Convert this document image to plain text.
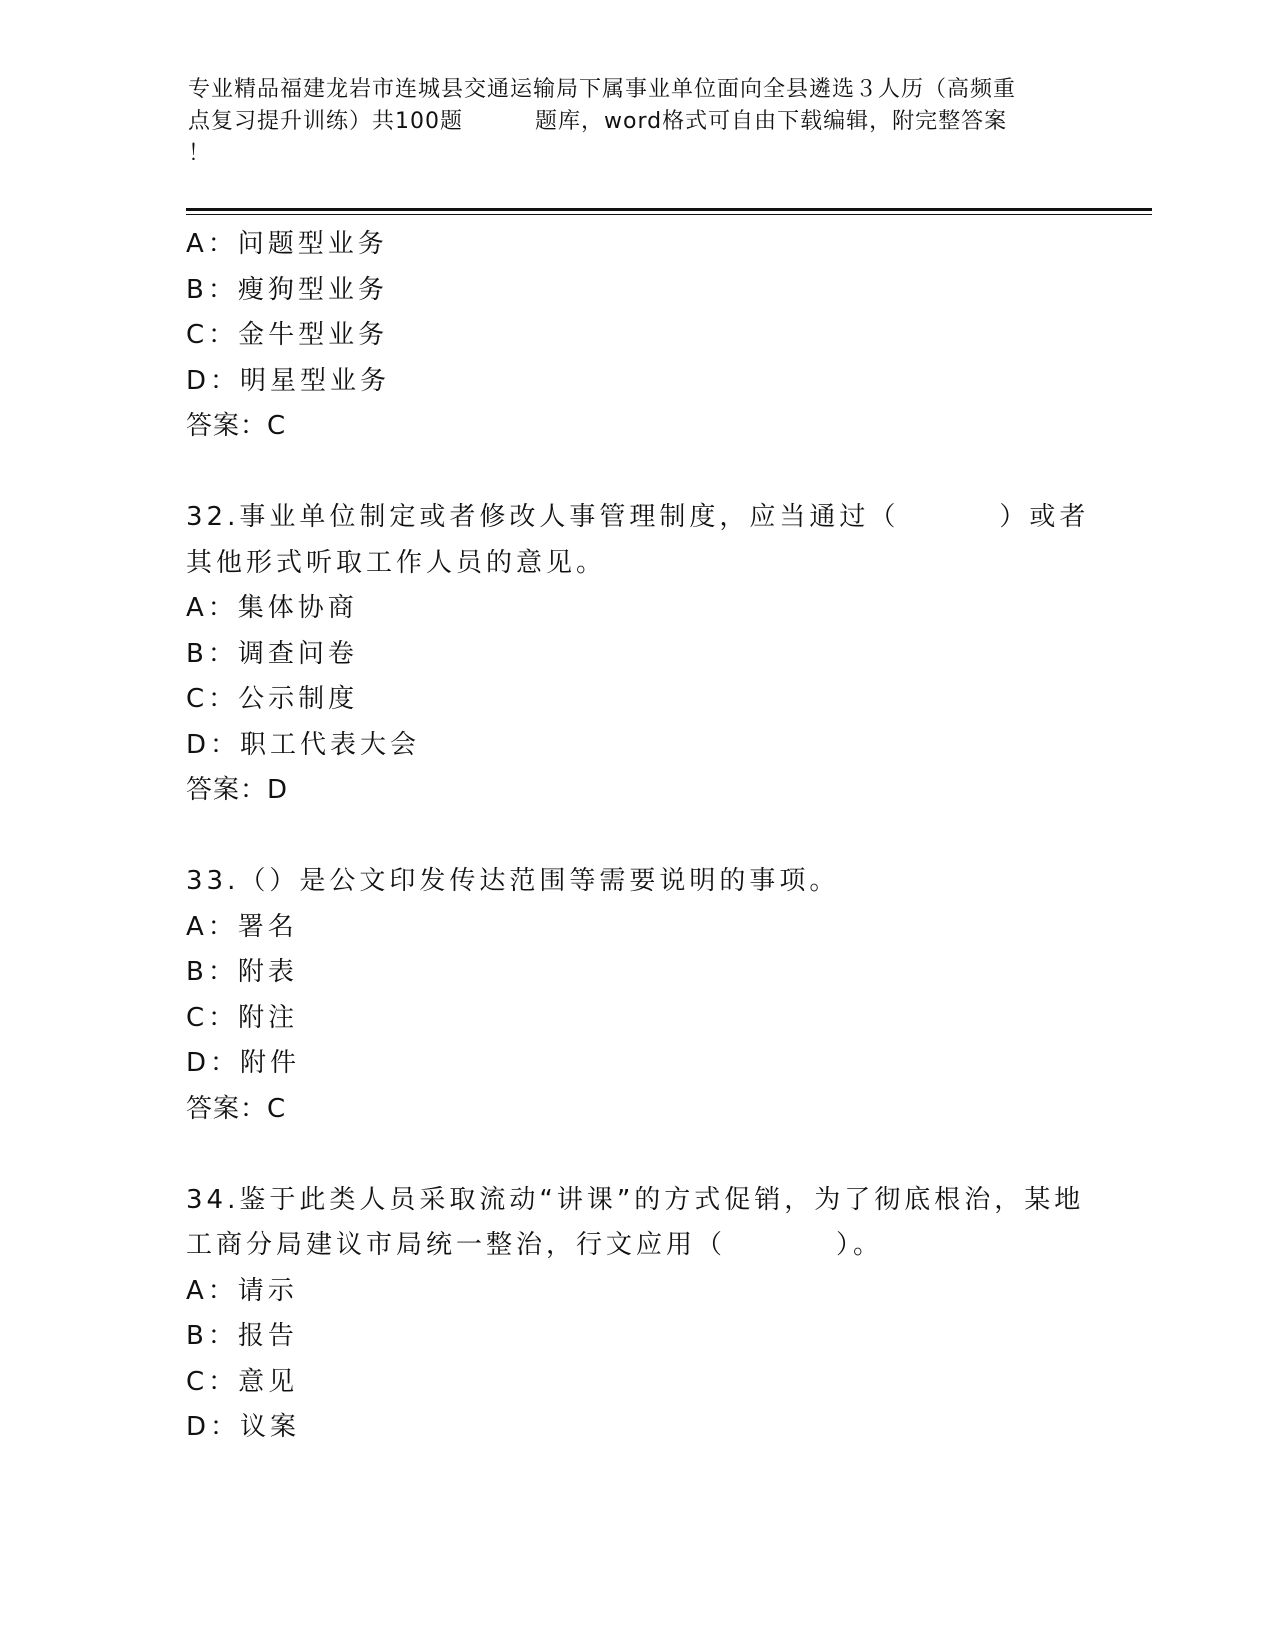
专业精品福建龙岩市连城县交通运输局下属事业单位面向全县遴选３人历（高频重
点复习提升训练）共100题	题库，word格式可自由下载编辑，附完整答案
！
A：问题型业务
B：瘦狗型业务
C：金牛型业务
D：明星型业务
答案：C
32.事业单位制定或者修改人事管理制度，应当通过（	）或者
其他形式听取工作人员的意见。
A：集体协商
B：调查问卷
C：公示制度
D：职工代表大会
答案：D
33.（）是公文印发传达范围等需要说明的事项。
A：署名
B：附表
C：附注
D：附件
答案：C
34.鉴于此类人员采取流动“讲课”的方式促销，为了彻底根治，某地
工商分局建议市局统一整治，行文应用（	）。
A：请示
B：报告
C：意见
D：议案
